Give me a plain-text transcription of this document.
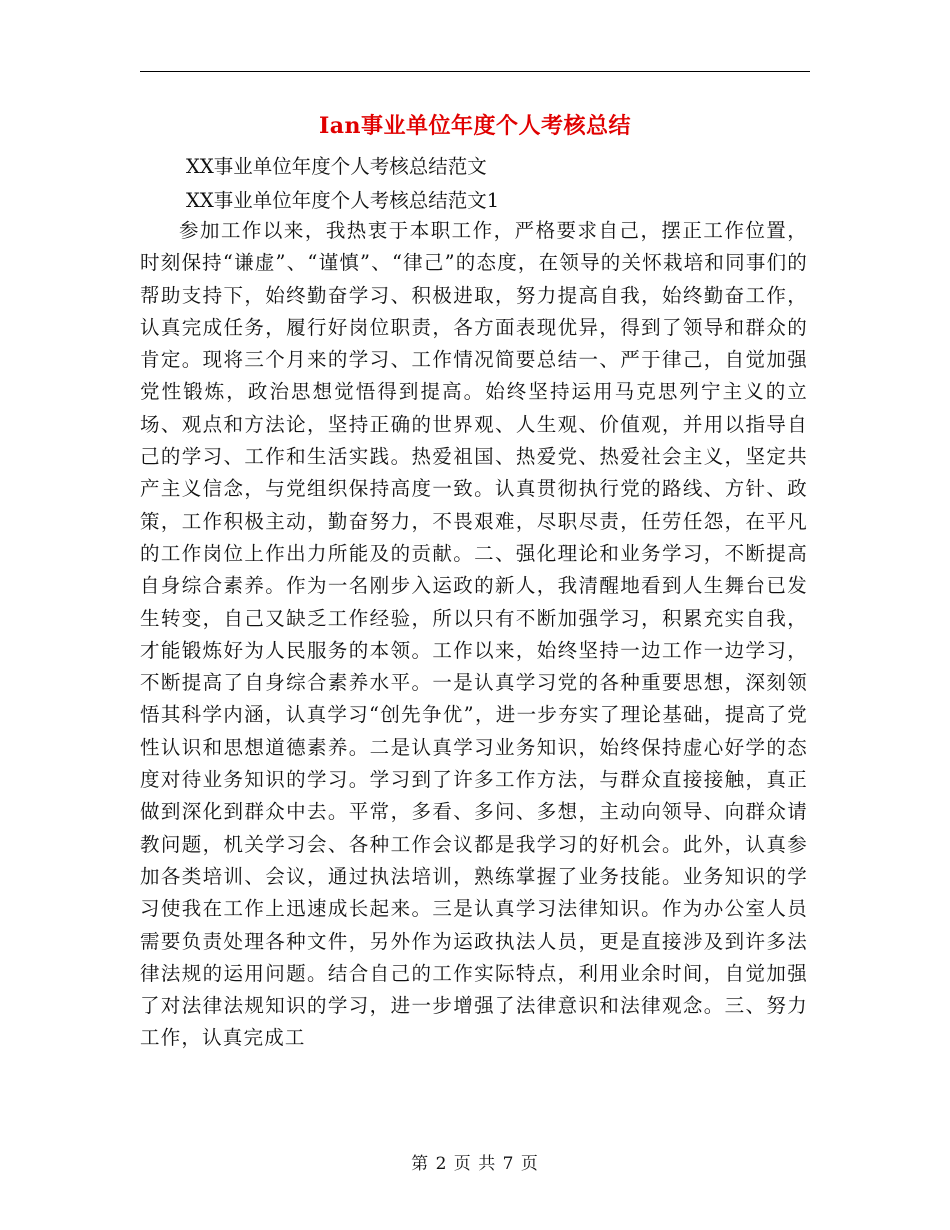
Ian事业单位年度个人考核总结
XX事业单位年度个人考核总结范文
XX事业单位年度个人考核总结范文1

参加工作以来，我热衷于本职工作，严格要求自己，摆正工作位置，时刻保持“谦虚”、“谨慎”、“律己”的态度，在领导的关怀栽培和同事们的帮助支持下，始终勤奋学习、积极进取，努力提高自我，始终勤奋工作，认真完成任务，履行好岗位职责，各方面表现优异，得到了领导和群众的肯定。现将三个月来的学习、工作情况简要总结一、严于律己，自觉加强党性锻炼，政治思想觉悟得到提高。始终坚持运用马克思列宁主义的立场、观点和方法论，坚持正确的世界观、人生观、价值观，并用以指导自己的学习、工作和生活实践。热爱祖国、热爱党、热爱社会主义，坚定共产主义信念，与党组织保持高度一致。认真贯彻执行党的路线、方针、政策，工作积极主动，勤奋努力，不畏艰难，尽职尽责，任劳任怨，在平凡的工作岗位上作出力所能及的贡献。二、强化理论和业务学习，不断提高自身综合素养。作为一名刚步入运政的新人，我清醒地看到人生舞台已发生转变，自己又缺乏工作经验，所以只有不断加强学习，积累充实自我，才能锻炼好为人民服务的本领。工作以来，始终坚持一边工作一边学习，不断提高了自身综合素养水平。一是认真学习党的各种重要思想，深刻领悟其科学内涵，认真学习“创先争优”，进一步夯实了理论基础，提高了党性认识和思想道德素养。二是认真学习业务知识，始终保持虚心好学的态度对待业务知识的学习。学习到了许多工作方法，与群众直接接触，真正做到深化到群众中去。平常，多看、多问、多想，主动向领导、向群众请教问题，机关学习会、各种工作会议都是我学习的好机会。此外，认真参加各类培训、会议，通过执法培训，熟练掌握了业务技能。业务知识的学习使我在工作上迅速成长起来。三是认真学习法律知识。作为办公室人员需要负责处理各种文件，另外作为运政执法人员，更是直接涉及到许多法律法规的运用问题。结合自己的工作实际特点，利用业余时间，自觉加强了对法律法规知识的学习，进一步增强了法律意识和法律观念。三、努力工作，认真完成工

第 2 页 共 7 页
